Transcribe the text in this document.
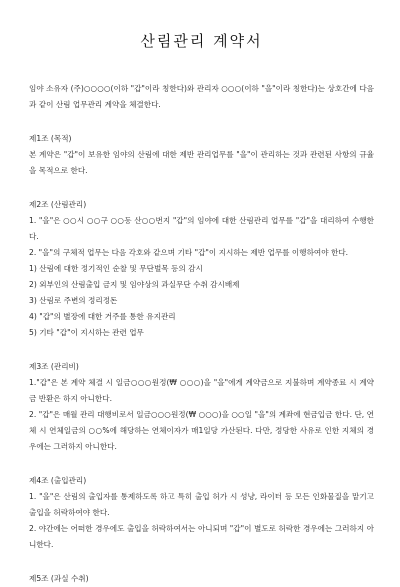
산림관리 계약서

임야 소유자 (주)○○○○(이하 "갑"이라 칭한다)와 관리자 ○○○(이하 "을"이라 칭한다)는 상호간에 다음과 같이 산림 업무관리 계약을 체결한다.

제1조 (목적)

본 계약은 "갑"이 보유한 임야의 산림에 대한 제반 관리업무를 "을"이 관리하는 것과 관련된 사항의 규율을 목적으로 한다.

제2조 (산림관리)

1. "을"은 ○○시 ○○구 ○○동 산○○번지 "갑"의 임야에 대한 산림관리 업무를 "갑"을 대리하여 수행한다.

2. "을"의 구체적 업무는 다음 각호와 같으며 기타 "갑"이 지시하는 제반 업무를 이행하여야 한다.

1) 산림에 대한 정기적인 순찰 및 무단벌목 등의 감시

2) 외부인의 산림출입 금지 및 임야상의 과실무단 수취 감시배제

3) 산림로 주변의 정리정돈

4) "갑"의 별장에 대한 거주를 통한 유지관리

5) 기타 "갑"이 지시하는 관련 업무

제3조 (관리비)

1."갑"은 본 계약 체결 시 일금○○○원정(₩ ○○○)을 "을"에게 계약금으로 지불하며 계약종료 시 계약금 반환은 하지 아니한다.

2. "갑"은 매월 관리 대행비로서 일금○○○원정(₩ ○○○)을 ○○일 "을"의 계좌에 현금입금 한다. 단, 연체 시 연체일금의 ○○%에 해당하는 연체이자가 매1일당 가산된다. 다만, 정당한 사유로 인한 지체의 경우에는 그러하지 아니한다.

제4조 (출입관리)

1. "을"은 산림의 출입자를 통제하도록 하고 특히 출입 허가 시 성냥, 라이터 등 모든 인화물질을 맡기고 출입을 허락하여야 한다.

2. 야간에는 어떠한 경우에도 출입을 허락하여서는 아니되며 "갑"이 별도로 허락한 경우에는 그러하지 아니한다.

제5조 (과실 수취)
